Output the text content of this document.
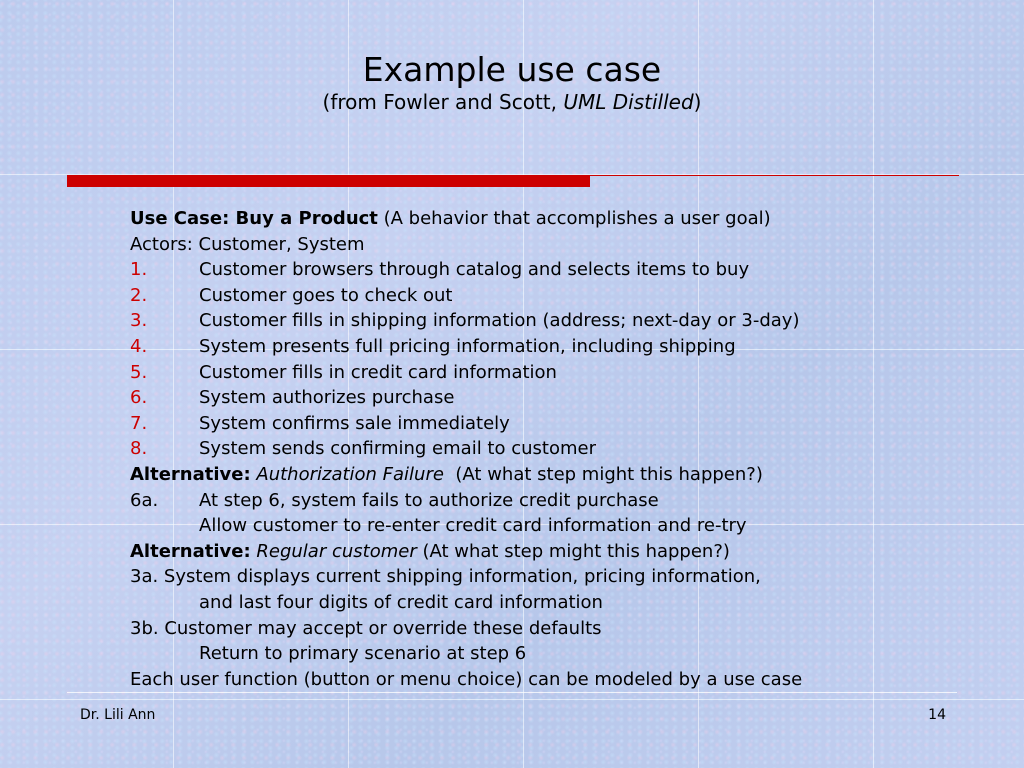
Example use case

(from Fowler and Scott, UML Distilled)

Use Case: Buy a Product (A behavior that accomplishes a user goal)
Actors: Customer, System
1.	Customer browsers through catalog and selects items to buy
2.	Customer goes to check out
3.	Customer fills in shipping information (address; next-day or 3-day)
4.	System presents full pricing information, including shipping
5.	Customer fills in credit card information
6.	System authorizes purchase
7.	System confirms sale immediately
8.	System sends confirming email to customer
Alternative: Authorization Failure  (At what step might this happen?)
6a. At step 6, system fails to authorize credit purchase
Allow customer to re-enter credit card information and re-try
Alternative: Regular customer (At what step might this happen?)
3a. System displays current shipping information, pricing information,
and last four digits of credit card information
3b. Customer may accept or override these defaults
Return to primary scenario at step 6
Each user function (button or menu choice) can be modeled by a use case
Dr. Lili Ann	14
